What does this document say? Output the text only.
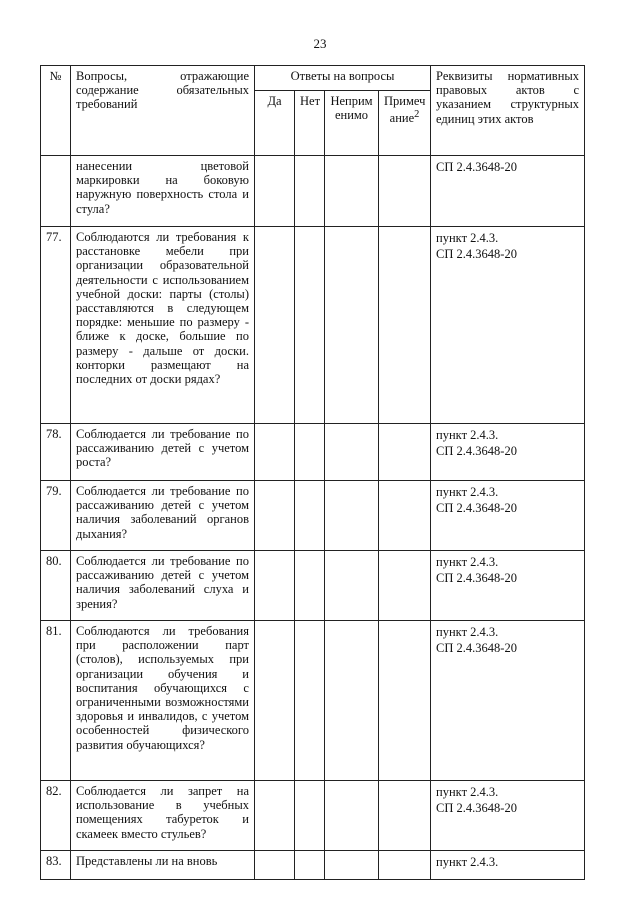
23
№	Вопросы, отражающие содержание обязательных требований	Ответы на вопросы				Реквизиты нормативных правовых актов с указанием структурных единиц этих актов
		Да	Нет	Неприм енимо	Примеч ание$^2$
	нанесении цветовой маркировки на боковую наружную поверхность стола и стула?					СП 2.4.3648-20

77.	Соблюдаются ли требования к расстановке мебели при организации образовательной деятельности с использованием учебной доски: парты (столы) расставляются в следующем порядке: меньшие по размеру - ближе к доске, большие по размеру - дальше от доски. конторки размещают на последних от доски рядах?					пункт 2.4.3.
СП 2.4.3648-20

78.	Соблюдается ли требование по рассаживанию детей с учетом роста?					пункт 2.4.3.
СП 2.4.3648-20

79.	Соблюдается ли требование по рассаживанию детей с учетом наличия заболеваний органов дыхания?					пункт 2.4.3.
СП 2.4.3648-20

80.	Соблюдается ли требование по рассаживанию детей с учетом наличия заболеваний слуха и зрения?					пункт 2.4.3.
СП 2.4.3648-20

81.	Соблюдаются ли требования при расположении парт (столов), используемых при организации обучения и воспитания обучающихся с ограниченными возможностями здоровья и инвалидов, с учетом особенностей физического развития обучающихся?					пункт 2.4.3.
СП 2.4.3648-20

82.	Соблюдается ли запрет на использование в учебных помещениях табуреток и скамеек вместо стульев?					пункт 2.4.3.
СП 2.4.3648-20

83.	Представлены ли на вновь					пункт 2.4.3.
